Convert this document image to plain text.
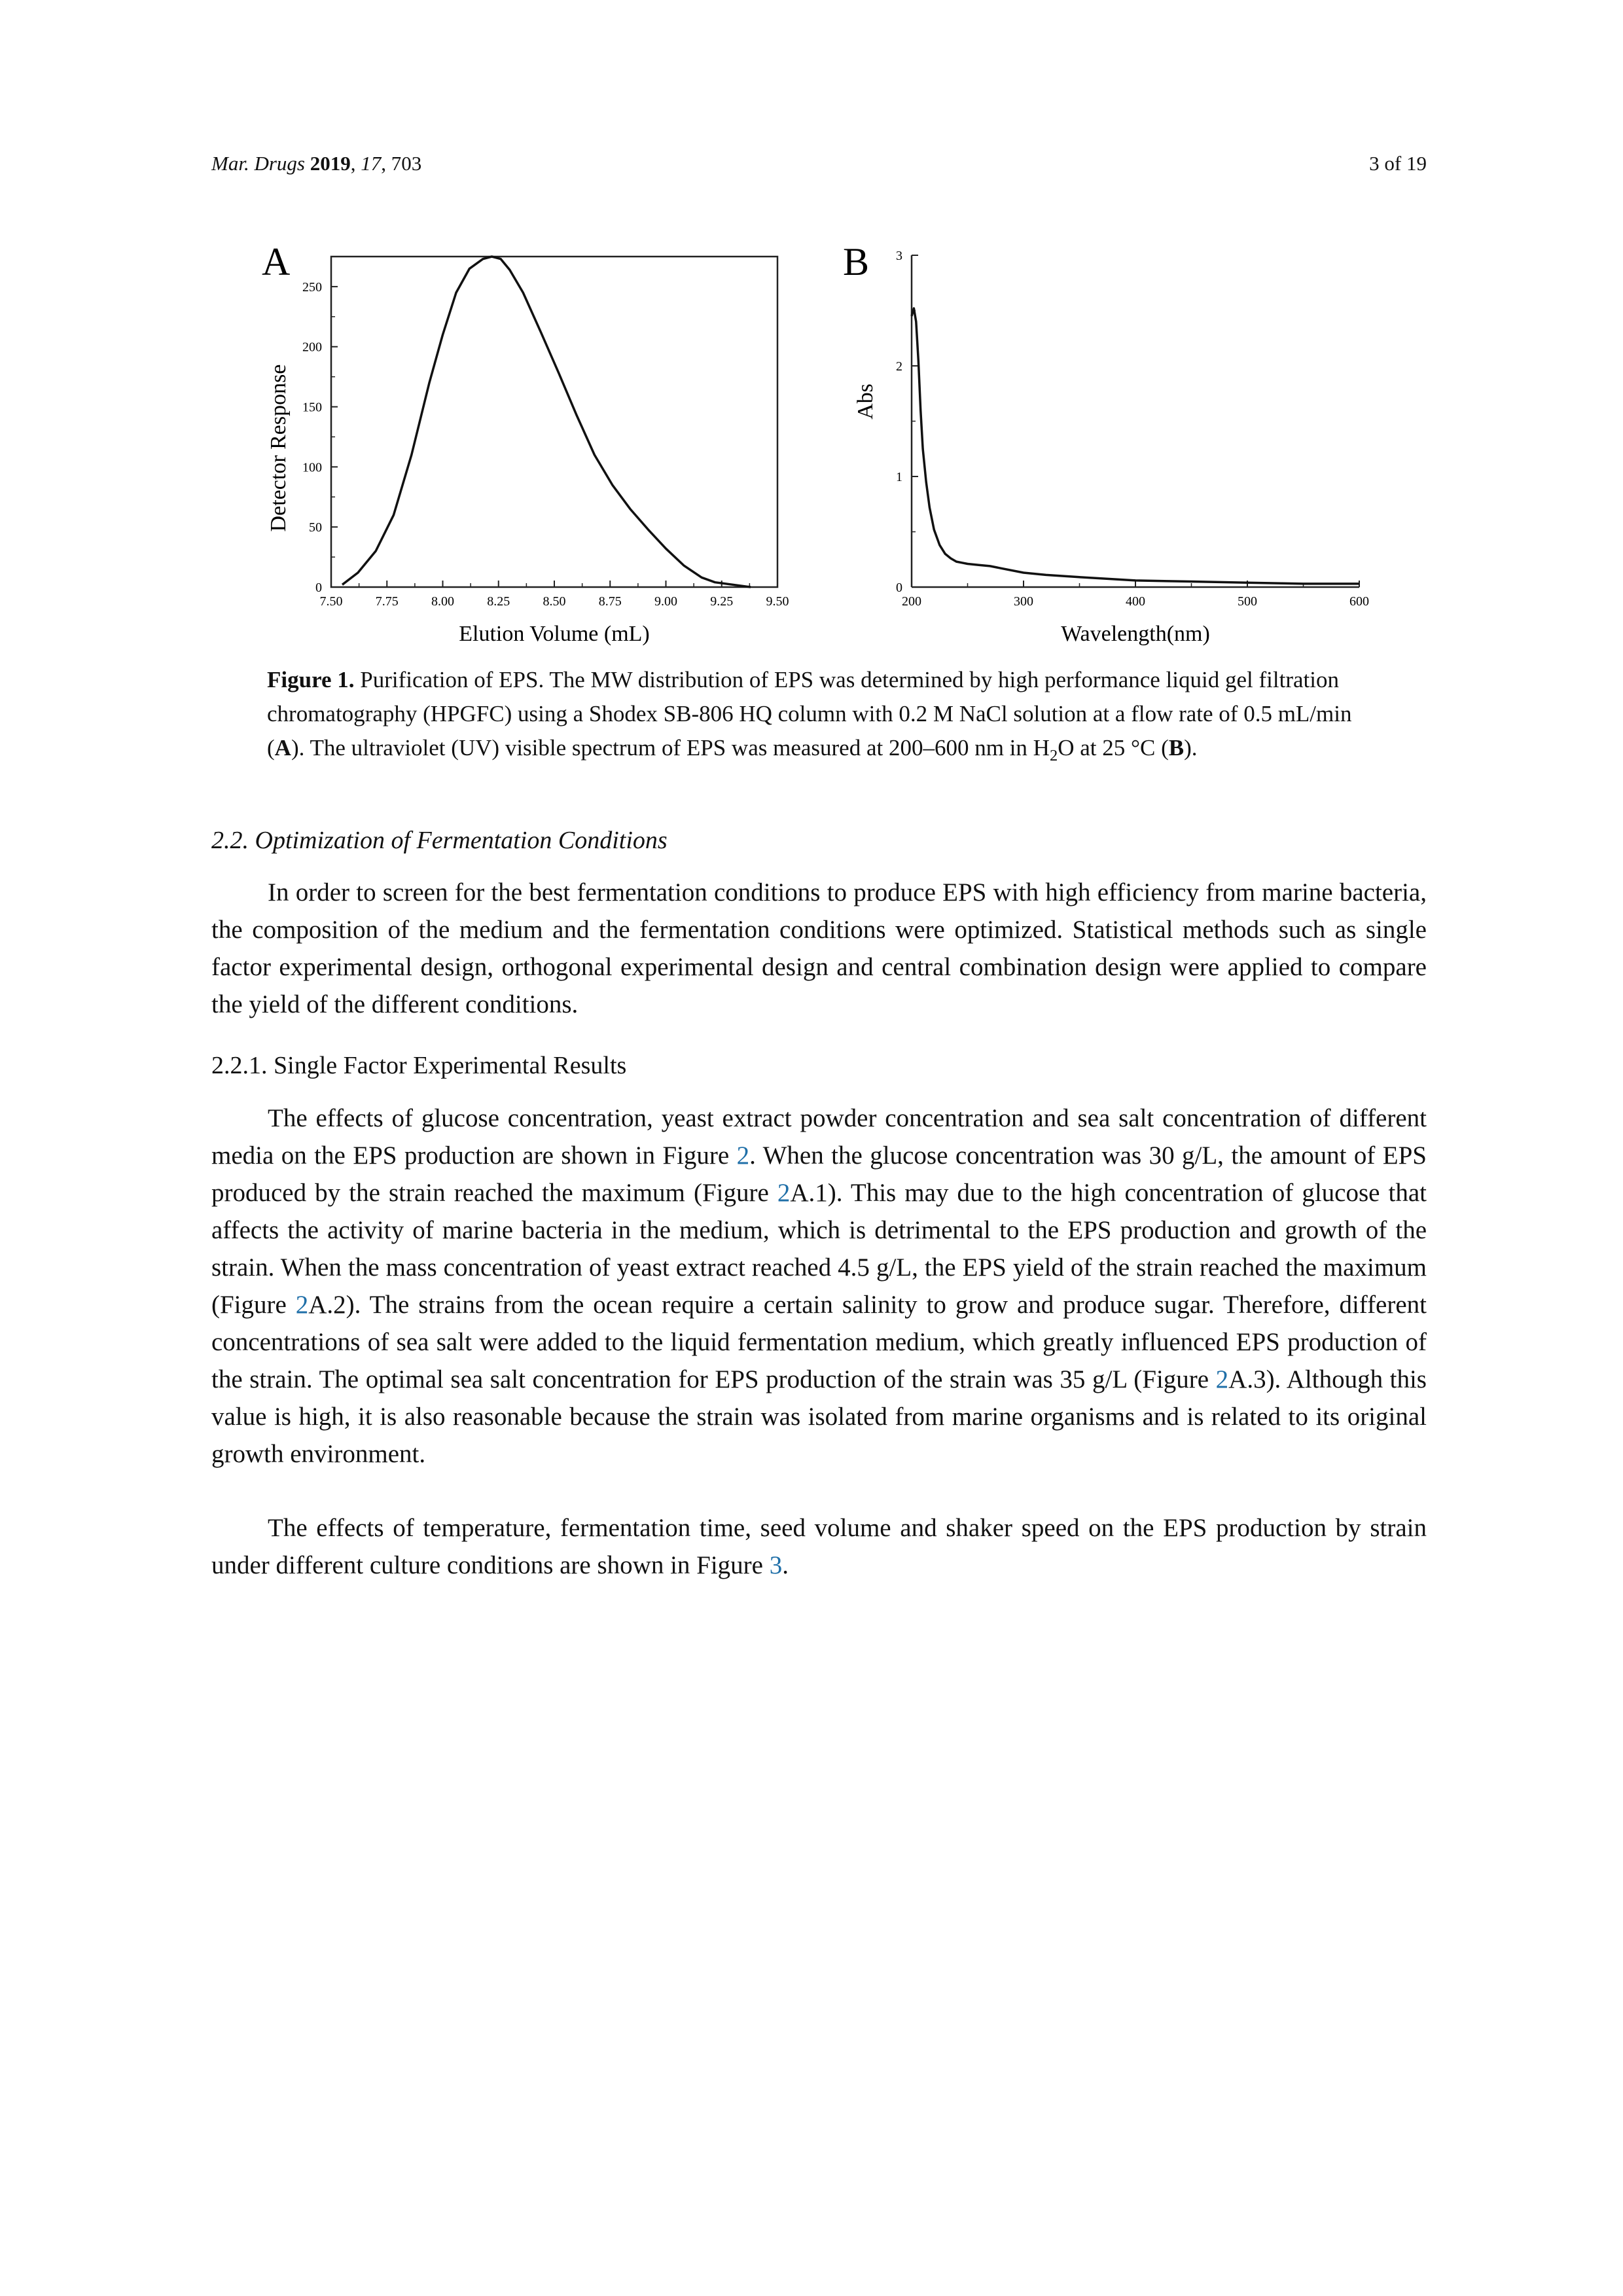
Mar. Drugs 2019, 17, 703	3 of 19
A
7.50	7.75	8.00	8.25	8.50	8.75	9.00	9.25	9.50
0
50
100
150
200
250
Elution Volume (mL)
Detector Response
B
200	300	400	500	600
0
1
2
3
Wavelength(nm)
Abs
Figure 1. Purification of EPS. The MW distribution of EPS was determined by high performance liquid gel filtration chromatography (HPGFC) using a Shodex SB-806 HQ column with 0.2 M NaCl solution at a flow rate of 0.5 mL/min (A). The ultraviolet (UV) visible spectrum of EPS was measured at 200–600 nm in $H_2O$ at 25 °C (B).
2.2. Optimization of Fermentation Conditions
In order to screen for the best fermentation conditions to produce EPS with high efficiency from marine bacteria, the composition of the medium and the fermentation conditions were optimized. Statistical methods such as single factor experimental design, orthogonal experimental design and central combination design were applied to compare the yield of the different conditions.
2.2.1. Single Factor Experimental Results
The effects of glucose concentration, yeast extract powder concentration and sea salt concentration of different media on the EPS production are shown in Figure 2. When the glucose concentration was 30 g/L, the amount of EPS produced by the strain reached the maximum (Figure 2A.1). This may due to the high concentration of glucose that affects the activity of marine bacteria in the medium, which is detrimental to the EPS production and growth of the strain. When the mass concentration of yeast extract reached 4.5 g/L, the EPS yield of the strain reached the maximum (Figure 2A.2). The strains from the ocean require a certain salinity to grow and produce sugar. Therefore, different concentrations of sea salt were added to the liquid fermentation medium, which greatly influenced EPS production of the strain. The optimal sea salt concentration for EPS production of the strain was 35 g/L (Figure 2A.3). Although this value is high, it is also reasonable because the strain was isolated from marine organisms and is related to its original growth environment.
The effects of temperature, fermentation time, seed volume and shaker speed on the EPS production by strain under different culture conditions are shown in Figure 3.
